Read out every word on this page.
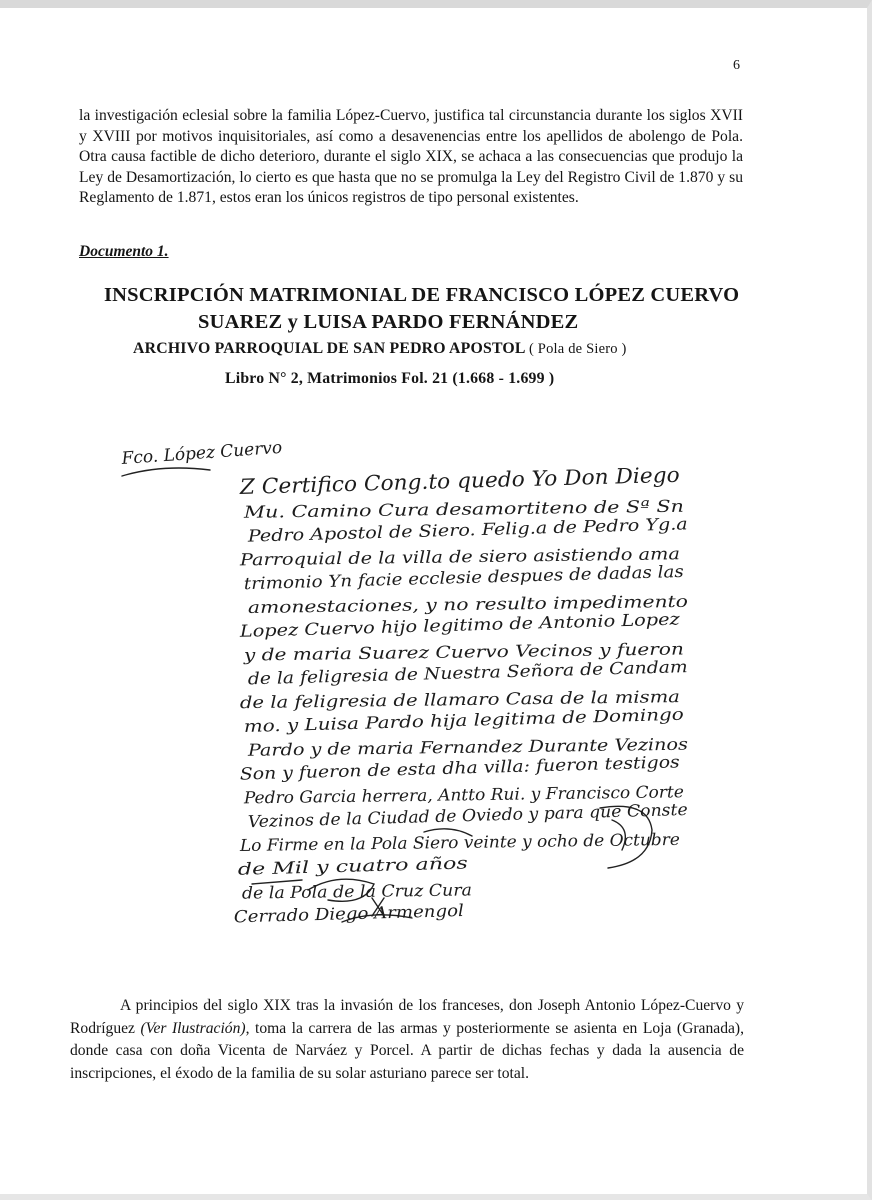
6

la investigación eclesial sobre la familia López-Cuervo, justifica tal circunstancia durante los siglos XVII y XVIII por motivos inquisitoriales, así como a desavenencias entre los apellidos de abolengo de Pola. Otra causa factible de dicho deterioro, durante el siglo XIX, se achaca a las consecuencias que produjo la Ley de Desamortización, lo cierto es que hasta que no se promulga la Ley del Registro Civil de 1.870 y su Reglamento de 1.871, estos eran los únicos registros de tipo personal existentes.

Documento 1.
INSCRIPCIÓN MATRIMONIAL DE FRANCISCO LÓPEZ CUERVO
SUAREZ y LUISA PARDO FERNÁNDEZ
ARCHIVO PARROQUIAL DE SAN PEDRO APOSTOL ( Pola de Siero )
Libro N° 2, Matrimonios Fol. 21 (1.668 - 1.699 )
Z Certifico Cong.to quedo Yo Don Diego
Mu. Camino Cura desamortiteno de Sª Sn
Pedro Apostol de Siero. Felig.a de Pedro Yg.a
Parroquial de la villa de siero asistiendo ama
trimonio Yn facie ecclesie despues de dadas las
amonestaciones, y no resulto impedimento
Lopez Cuervo hijo legitimo de Antonio Lopez
y de maria Suarez Cuervo Vecinos y fueron
de la feligresia de Nuestra Señora de Candam
de la feligresia de llamaro Casa de la misma
mo. y Luisa Pardo hija legitima de Domingo
Pardo y de maria Fernandez Durante Vezinos
Son y fueron de esta dha villa: fueron testigos
Pedro Garcia herrera, Antto Rui. y Francisco Corte
Vezinos de la Ciudad de Oviedo y para que Conste
Lo Firme en la Pola Siero veinte y ocho de Octubre
de Mil y cuatro años
de la Pola de la Cruz Cura
Cerrado Diego Armengol
Fco. López Cuervo

A principios del siglo XIX tras la invasión de los franceses, don Joseph Antonio López-Cuervo y Rodríguez (Ver Ilustración), toma la carrera de las armas y posteriormente se asienta en Loja (Granada), donde casa con doña Vicenta de Narváez y Porcel. A partir de dichas fechas y dada la ausencia de inscripciones, el éxodo de la familia de su solar asturiano parece ser total.
